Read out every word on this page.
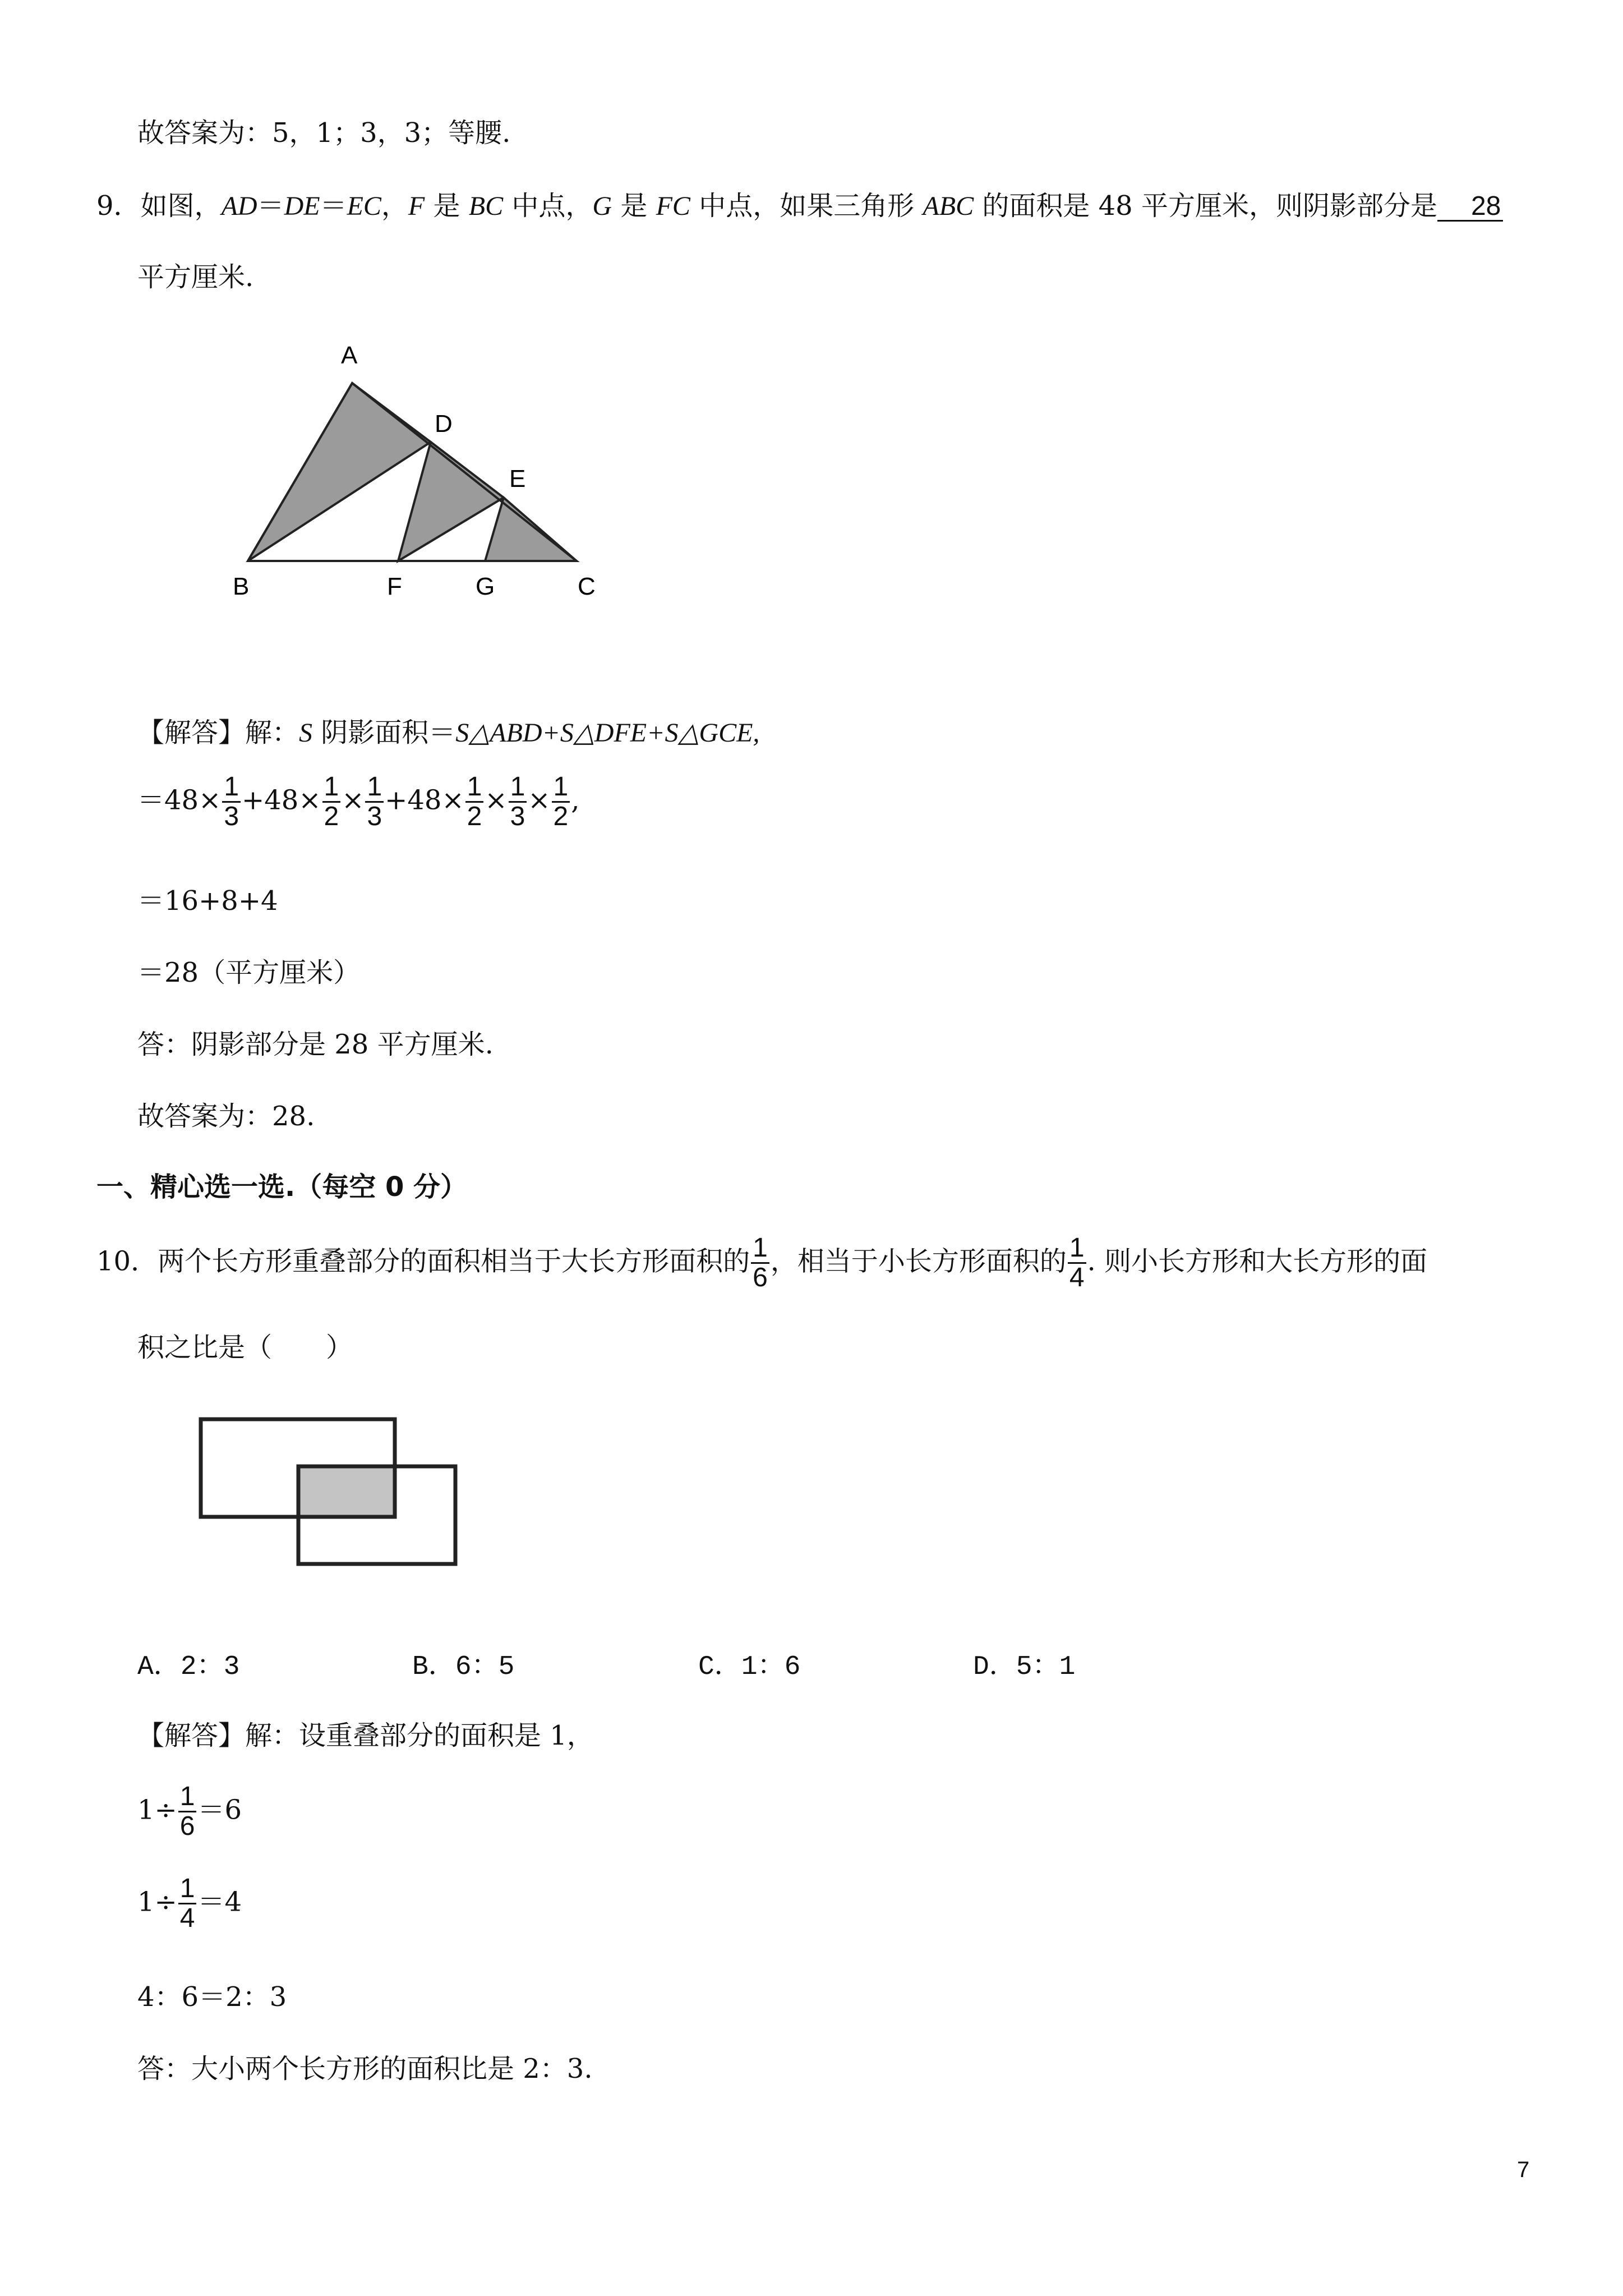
故答案为：5，1；3，3；等腰.
9．如图，AD＝DE＝EC，F 是 BC 中点，G 是 FC 中点，如果三角形 ABC 的面积是 48 平方厘米，则阴影部分是 28
平方厘米.
A
D
E
B	F	G	C
【解答】解：S 阴影面积＝S△ABD+S△DFE+S△GCE,
$=48\times \frac{1}{3} +48\times \frac{1}{2} \times \frac{1}{3} +48\times \frac{1}{2} \times \frac{1}{3} \times \frac{1}{2}$ ,
＝16+8+4
＝28（平方厘米）
答：阴影部分是 28 平方厘米.
故答案为：28.
一、精心选一选.（每空 0 分）
10．两个长方形重叠部分的面积相当于大长方形面积的 $\frac{1}{6}$ ，相当于小长方形面积的 $\frac{1}{4}$ . 则小长方形和大长方形的面
积之比是（　　）
A．2：3	B．6：5	C．1：6	D．5：1
【解答】解：设重叠部分的面积是 1，
$1\div \frac{1}{6} =6$
$1\div \frac{1}{4} =4$
4：6＝2：3
答：大小两个长方形的面积比是 2：3.
7
